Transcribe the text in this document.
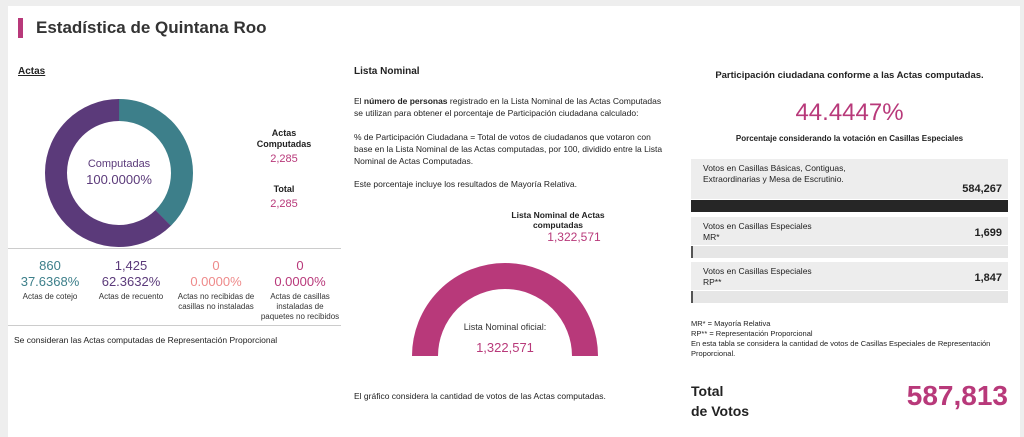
Estadística de Quintana Roo
Actas
Computadas
100.0000%
Actas Computadas
2,285
Total
2,285
860
37.6368%
Actas de cotejo
1,425
62.3632%
Actas de recuento
0
0.0000%
Actas no recibidas de casillas no instaladas
0
0.0000%
Actas de casillas instaladas de paquetes no recibidos
Se consideran las Actas computadas de Representación Proporcional
Lista Nominal
El número de personas registrado en la Lista Nominal de las Actas Computadas se utilizan para obtener el porcentaje de Participación ciudadana calculado:
% de Participación Ciudadana = Total de votos de ciudadanos que votaron con base en la Lista Nominal de las Actas computadas, por 100, dividido entre la Lista Nominal de Actas Computadas.
Este porcentaje incluye los resultados de Mayoría Relativa.
Lista Nominal de Actas computadas
1,322,571
Lista Nominal oficial:
1,322,571
El gráfico considera la cantidad de votos de las Actas computadas.
Participación ciudadana conforme a las Actas computadas.
44.4447%
Porcentaje considerando la votación en Casillas Especiales
Votos en Casillas Básicas, Contiguas, Extraordinarias y Mesa de Escrutinio.
584,267
Votos en Casillas Especiales MR*	1,699
Votos en Casillas Especiales RP**	1,847
MR* = Mayoría Relativa
RP** = Representación Proporcional
En esta tabla se considera la cantidad de votos de Casillas Especiales de Representación Proporcional.
Total
de Votos	587,813
